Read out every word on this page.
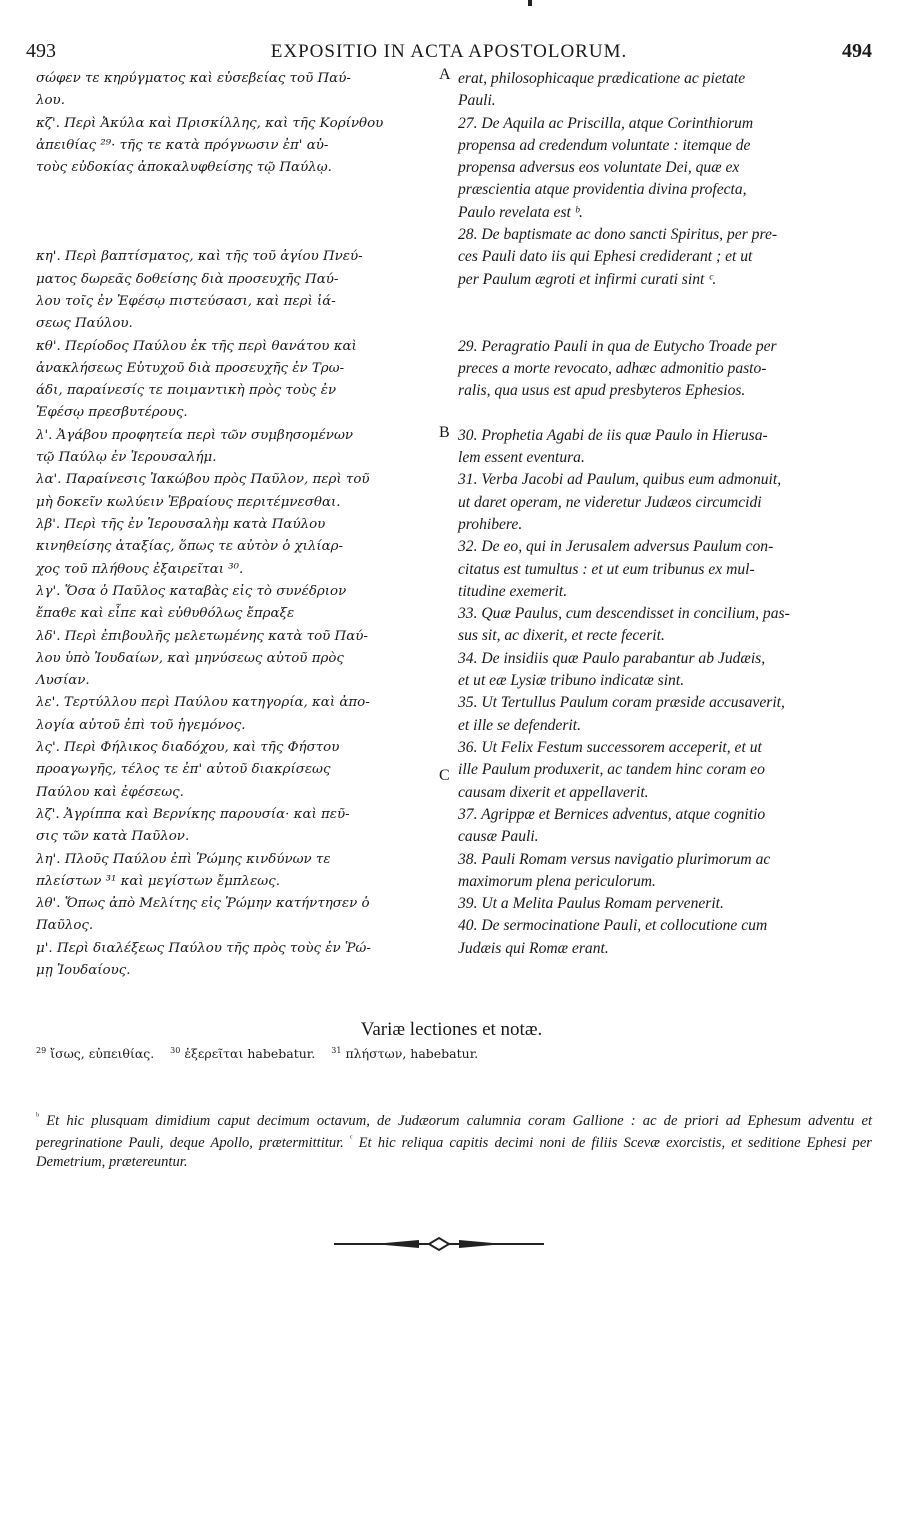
493	EXPOSITIO IN ACTA APOSTOLORUM.	494
A
B
C
σώφεν τε κηρύγματος καὶ εὐσεβείας τοῦ Παύ-
λου.
κζ'. Περὶ Ἀκύλα καὶ Πρισκίλλης, καὶ τῆς Κορίνθου
ἀπειθίας ²⁹· τῆς τε κατὰ πρόγνωσιν ἐπ' αὐ-
τοὺς εὐδοκίας ἀποκαλυφθείσης τῷ Παύλῳ.
κη'. Περὶ βαπτίσματος, καὶ τῆς τοῦ ἁγίου Πνεύ-
ματος δωρεᾶς δοθείσης διὰ προσευχῆς Παύ-
λου τοῖς ἐν Ἐφέσῳ πιστεύσασι, καὶ περὶ ἰά-
σεως Παύλου.
κθ'. Περίοδος Παύλου ἐκ τῆς περὶ θανάτου καὶ
ἀνακλήσεως Εὐτυχοῦ διὰ προσευχῆς ἐν Τρω-
άδι, παραίνεσίς τε ποιμαντικὴ πρὸς τοὺς ἐν
Ἐφέσῳ πρεσβυτέρους.
λ'. Ἀγάβου προφητεία περὶ τῶν συμβησομένων
τῷ Παύλῳ ἐν Ἱερουσαλήμ.
λα'. Παραίνεσις Ἰακώβου πρὸς Παῦλον, περὶ τοῦ
μὴ δοκεῖν κωλύειν Ἑβραίους περιτέμνεσθαι.
λβ'. Περὶ τῆς ἐν Ἱερουσαλὴμ κατὰ Παύλου
κινηθείσης ἀταξίας, ὅπως τε αὐτὸν ὁ χιλίαρ-
χος τοῦ πλήθους ἐξαιρεῖται ³⁰.
λγ'. Ὅσα ὁ Παῦλος καταβὰς εἰς τὸ συνέδριον
ἔπαθε καὶ εἶπε καὶ εὐθυθόλως ἔπραξε
λδ'. Περὶ ἐπιβουλῆς μελετωμένης κατὰ τοῦ Παύ-
λου ὑπὸ Ἰουδαίων, καὶ μηνύσεως αὐτοῦ πρὸς
Λυσίαν.
λε'. Τερτύλλου περὶ Παύλου κατηγορία, καὶ ἀπο-
λογία αὐτοῦ ἐπὶ τοῦ ἡγεμόνος.
λς'. Περὶ Φήλικος διαδόχου, καὶ τῆς Φήστου
προαγωγῆς, τέλος τε ἐπ' αὐτοῦ διακρίσεως
Παύλου καὶ ἐφέσεως.
λζ'. Ἀγρίππα καὶ Βερνίκης παρουσία· καὶ πεῦ-
σις τῶν κατὰ Παῦλον.
λη'. Πλοῦς Παύλου ἐπὶ Ῥώμης κινδύνων τε
πλείστων ³¹ καὶ μεγίστων ἔμπλεως.
λθ'. Ὅπως ἀπὸ Μελίτης εἰς Ῥώμην κατήντησεν ὁ
Παῦλος.
μ'. Περὶ διαλέξεως Παύλου τῆς πρὸς τοὺς ἐν Ῥώ-
μῃ Ἰουδαίους.
erat, philosophicaque prædicatione ac pietate
Pauli.
27. De Aquila ac Priscilla, atque Corinthiorum
propensa ad credendum voluntate : itemque de
propensa adversus eos voluntate Dei, quæ ex
præscientia atque providentia divina profecta,
Paulo revelata est ᵇ.
28. De baptismate ac dono sancti Spiritus, per pre-
ces Pauli dato iis qui Ephesi crediderant ; et ut
per Paulum ægroti et infirmi curati sint ᶜ.
29. Peragratio Pauli in qua de Eutycho Troade per
preces a morte revocato, adhæc admonitio pasto-
ralis, qua usus est apud presbyteros Ephesios.
30. Prophetia Agabi de iis quæ Paulo in Hierusa-
lem essent eventura.
31. Verba Jacobi ad Paulum, quibus eum admonuit,
ut daret operam, ne videretur Judæos circumcidi
prohibere.
32. De eo, qui in Jerusalem adversus Paulum con-
citatus est tumultus : et ut eum tribunus ex mul-
titudine exemerit.
33. Quæ Paulus, cum descendisset in concilium, pas-
sus sit, ac dixerit, et recte fecerit.
34. De insidiis quæ Paulo parabantur ab Judæis,
et ut eæ Lysiæ tribuno indicatæ sint.
35. Ut Tertullus Paulum coram præside accusaverit,
et ille se defenderit.
36. Ut Felix Festum successorem acceperit, et ut
ille Paulum produxerit, ac tandem hinc coram eo
causam dixerit et appellaverit.
37. Agrippæ et Bernices adventus, atque cognitio
causæ Pauli.
38. Pauli Romam versus navigatio plurimorum ac
maximorum plena periculorum.
39. Ut a Melita Paulus Romam pervenerit.
40. De sermocinatione Pauli, et collocutione cum
Judæis qui Romæ erant.
Variæ lectiones et notæ.
$^{29}$ ἴσως, εὐπειθίας. $^{30}$ ἐξερεῖται habebatur. $^{31}$ πλήστων, habebatur.
$^ᵇ$ Et hic plusquam dimidium caput decimum octavum, de Judæorum calumnia coram Gallione : ac de priori ad Ephesum adventu et peregrinatione Pauli, deque Apollo, prætermittitur. $^ᶜ$ Et hic reliqua capitis decimi noni de filiis Scevæ exorcistis, et seditione Ephesi per Demetrium, prætereuntur.
